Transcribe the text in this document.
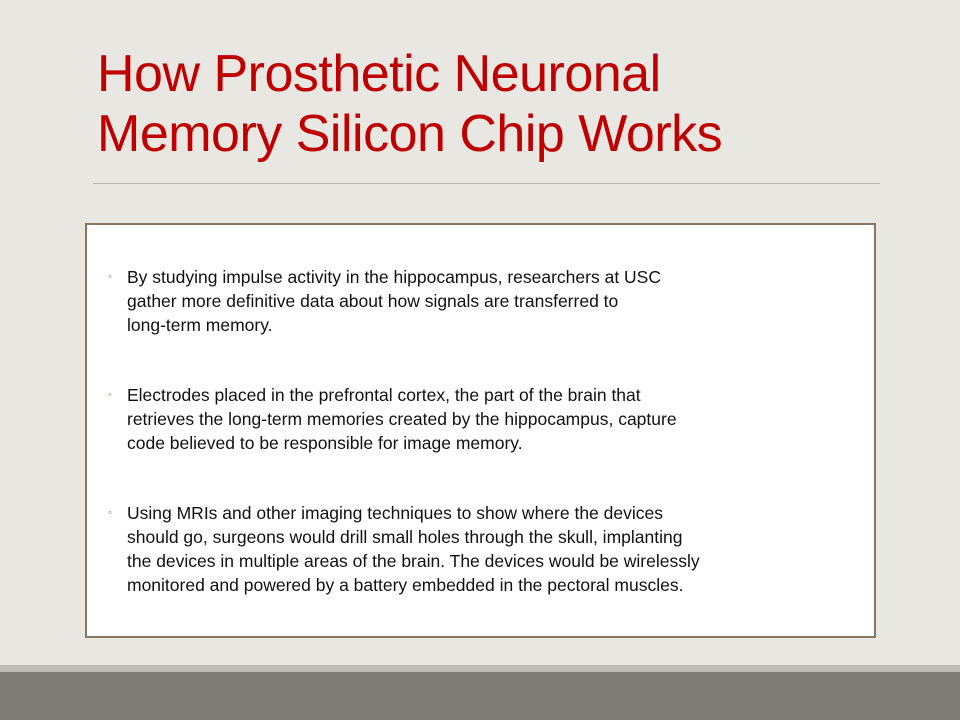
How Prosthetic Neuronal
Memory Silicon Chip Works
◦ By studying impulse activity in the hippocampus, researchers at USC
gather more definitive data about how signals are transferred to
long-term memory.
◦ Electrodes placed in the prefrontal cortex, the part of the brain that
retrieves the long-term memories created by the hippocampus, capture
code believed to be responsible for image memory.
◦ Using MRIs and other imaging techniques to show where the devices
should go, surgeons would drill small holes through the skull, implanting
the devices in multiple areas of the brain. The devices would be wirelessly
monitored and powered by a battery embedded in the pectoral muscles.
